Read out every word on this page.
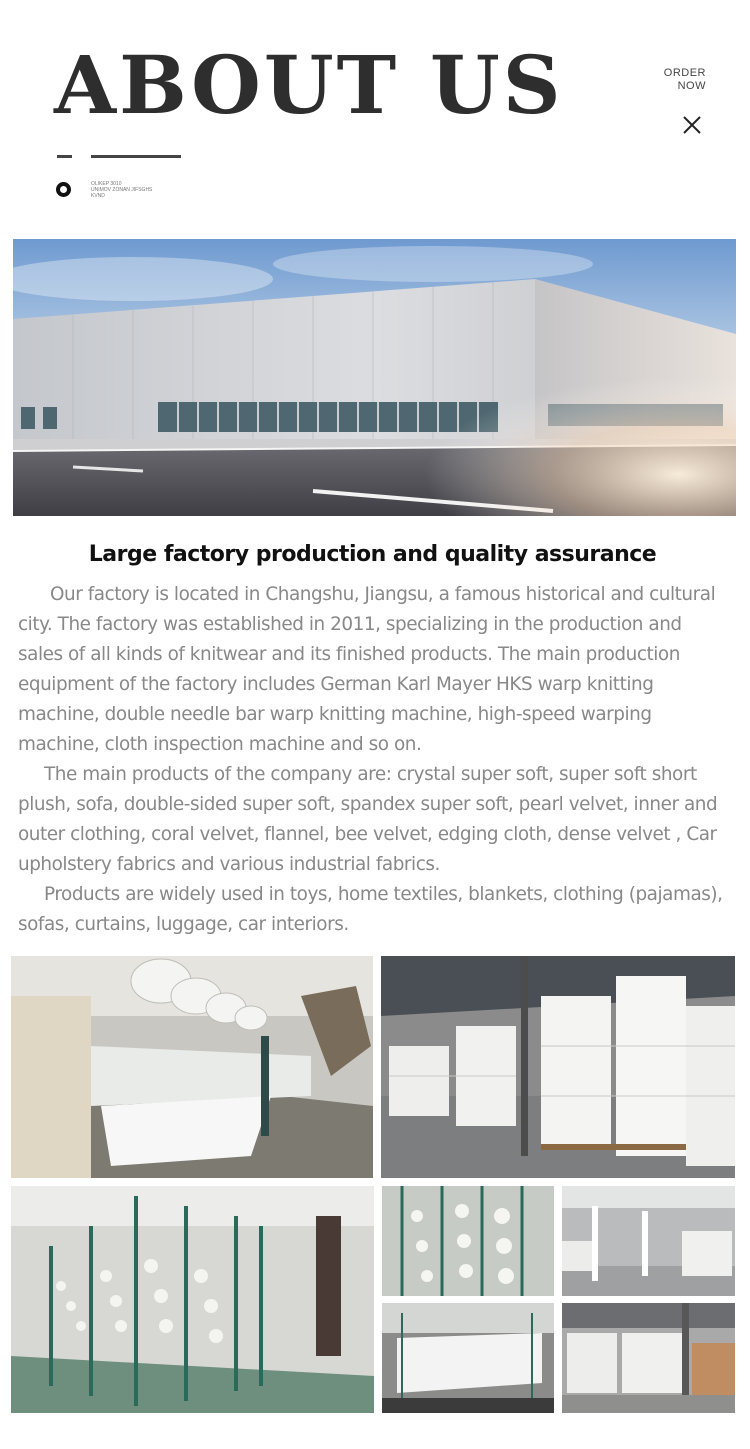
ABOUT US	ORDER
NOW
OLIKEP 3010
UNIMOV ZONAN JIFSGHS
KVND
Large factory production and quality assurance

Our factory is located in Changshu, Jiangsu, a famous historical and cultural city. The factory was established in 2011, specializing in the production and sales of all kinds of knitwear and its finished products. The main production equipment of the factory includes German Karl Mayer HKS warp knitting machine, double needle bar warp knitting machine, high-speed warping machine, cloth inspection machine and so on.

The main products of the company are: crystal super soft, super soft short plush, sofa, double-sided super soft, spandex super soft, pearl velvet, inner and outer clothing, coral velvet, flannel, bee velvet, edging cloth, dense velvet , Car upholstery fabrics and various industrial fabrics.

Products are widely used in toys, home textiles, blankets, clothing (pajamas), sofas, curtains, luggage, car interiors.
